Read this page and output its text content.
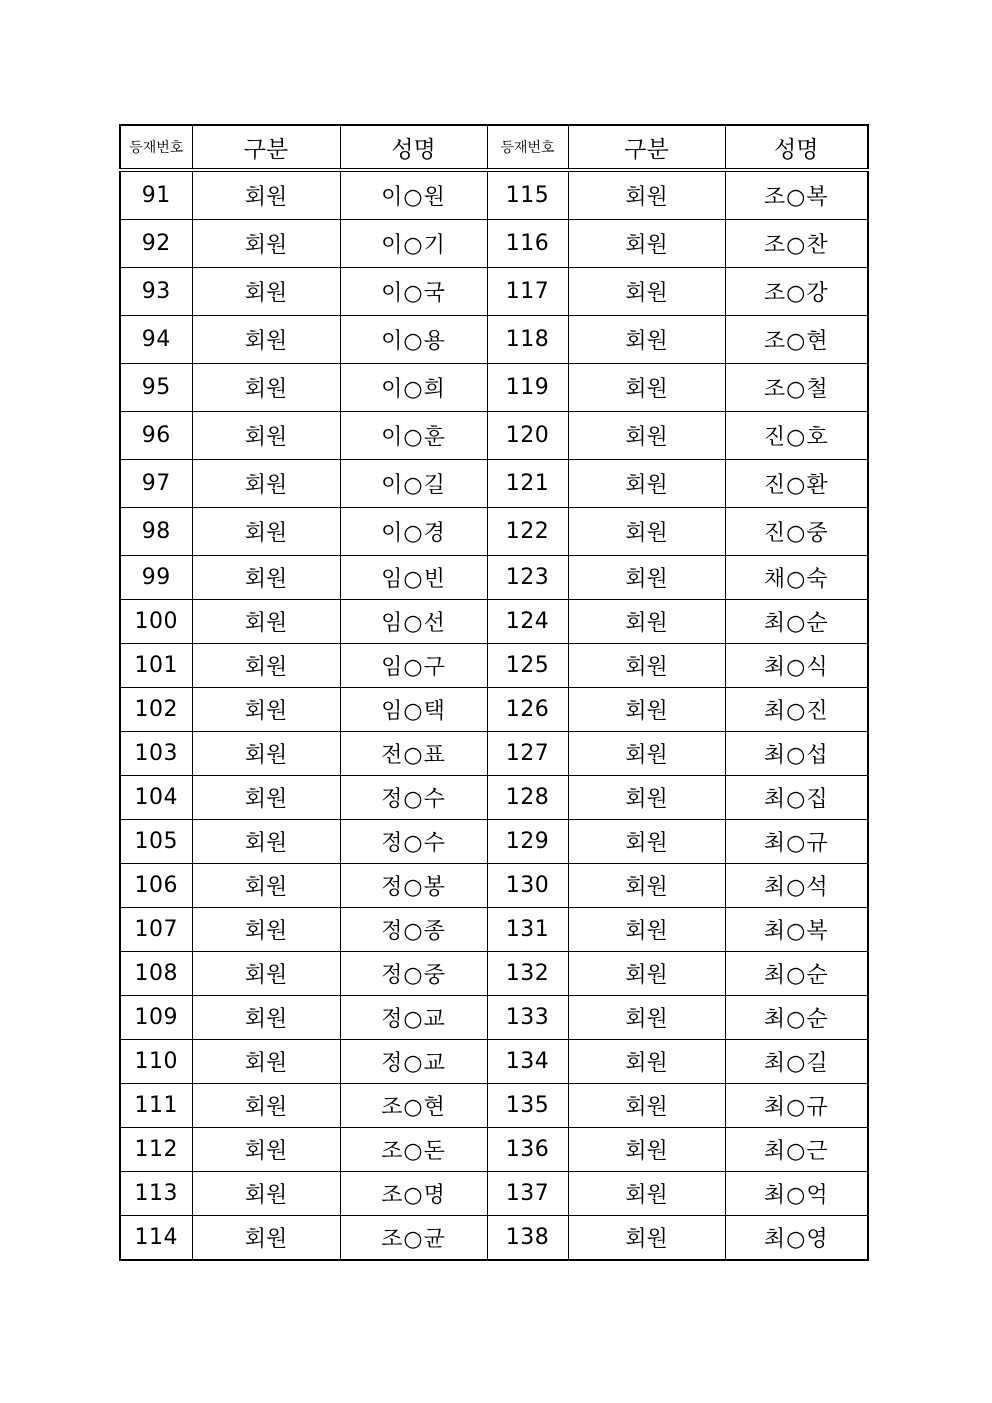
등재번호	구분	성명	등재번호	구분	성명
91	회원	이○원	115	회원	조○복
92	회원	이○기	116	회원	조○찬
93	회원	이○국	117	회원	조○강
94	회원	이○용	118	회원	조○현
95	회원	이○희	119	회원	조○철
96	회원	이○훈	120	회원	진○호
97	회원	이○길	121	회원	진○환
98	회원	이○경	122	회원	진○중
99	회원	임○빈	123	회원	채○숙
100	회원	임○선	124	회원	최○순
101	회원	임○구	125	회원	최○식
102	회원	임○택	126	회원	최○진
103	회원	전○표	127	회원	최○섭
104	회원	정○수	128	회원	최○집
105	회원	정○수	129	회원	최○규
106	회원	정○봉	130	회원	최○석
107	회원	정○종	131	회원	최○복
108	회원	정○중	132	회원	최○순
109	회원	정○교	133	회원	최○순
110	회원	정○교	134	회원	최○길
111	회원	조○현	135	회원	최○규
112	회원	조○돈	136	회원	최○근
113	회원	조○명	137	회원	최○억
114	회원	조○균	138	회원	최○영
